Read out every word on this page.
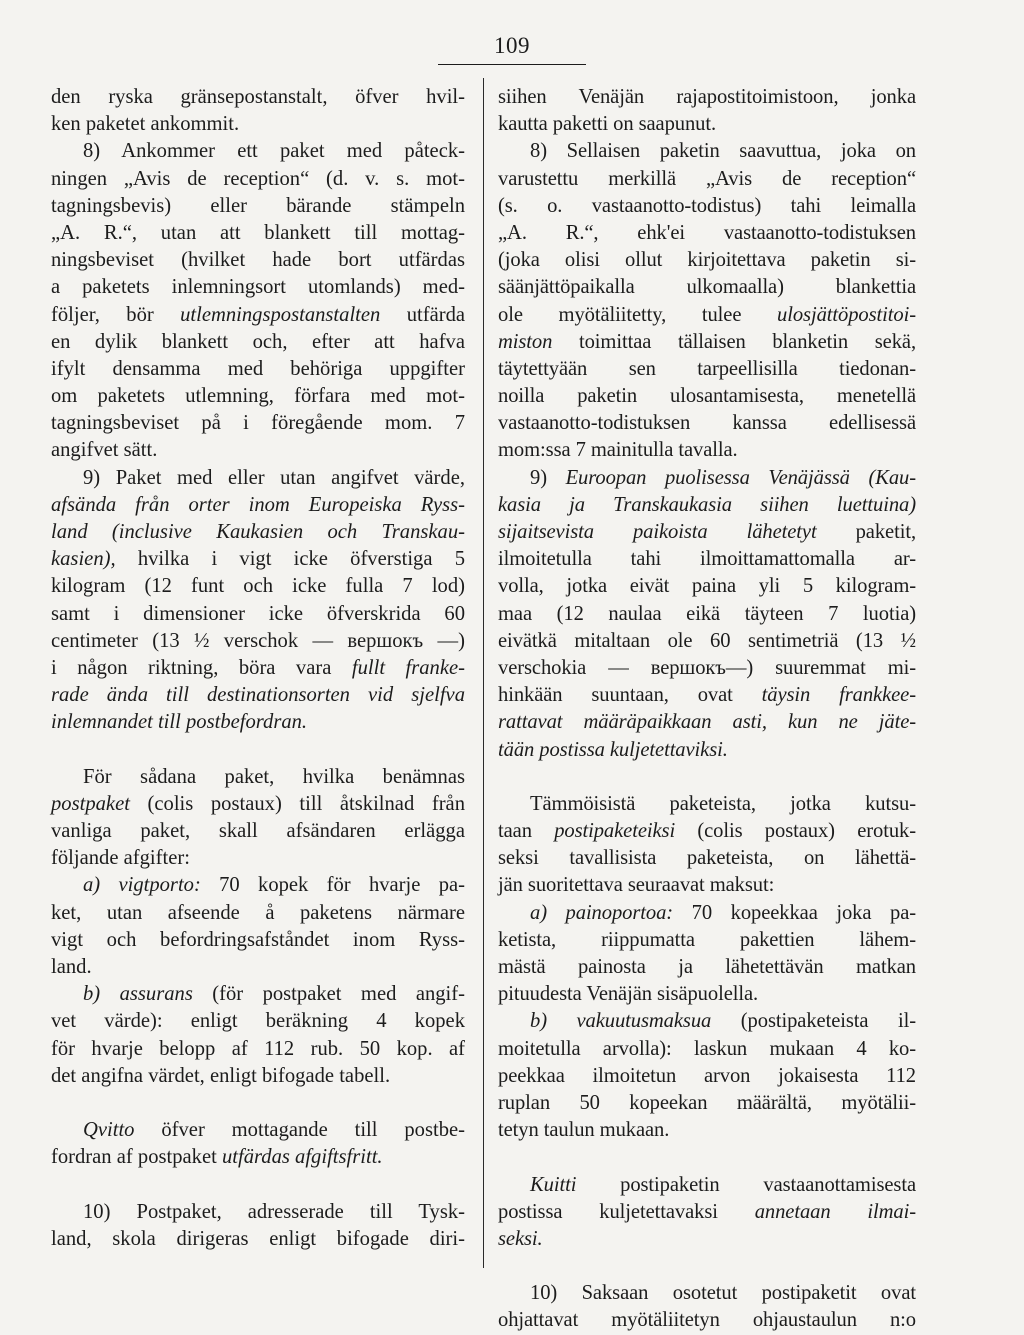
109
den ryska gränsepostanstalt, öfver hvil-
ken paketet ankommit.
8) Ankommer ett paket med påteck-
ningen „Avis de reception“ (d. v. s. mot-
tagningsbevis) eller bärande stämpeln
„A. R.“, utan att blankett till mottag-
ningsbeviset (hvilket hade bort utfärdas
a paketets inlemningsort utomlands) med-
följer, bör utlemningspostanstalten utfärda
en dylik blankett och, efter att hafva
ifylt densamma med behöriga uppgifter
om paketets utlemning, förfara med mot-
tagningsbeviset på i föregående mom. 7
angifvet sätt.
9) Paket med eller utan angifvet värde,
afsända från orter inom Europeiska Ryss-
land (inclusive Kaukasien och Transkau-
kasien), hvilka i vigt icke öfverstiga 5
kilogram (12 funt och icke fulla 7 lod)
samt i dimensioner icke öfverskrida 60
centimeter (13 ½ verschok — вершокъ —)
i någon riktning, böra vara fullt franke-
rade ända till destinationsorten vid sjelfva
inlemnandet till postbefordran.
För sådana paket, hvilka benämnas
postpaket (colis postaux) till åtskilnad från
vanliga paket, skall afsändaren erlägga
följande afgifter:
a) vigtporto: 70 kopek för hvarje pa-
ket, utan afseende å paketens närmare
vigt och befordringsafståndet inom Ryss-
land.
b) assurans (för postpaket med angif-
vet värde): enligt beräkning 4 kopek
för hvarje belopp af 112 rub. 50 kop. af
det angifna värdet, enligt bifogade tabell.
Qvitto öfver mottagande till postbe-
fordran af postpaket utfärdas afgiftsfritt.
10) Postpaket, adresserade till Tysk-
land, skola dirigeras enligt bifogade diri-
siihen Venäjän rajapostitoimistoon, jonka
kautta paketti on saapunut.
8) Sellaisen paketin saavuttua, joka on
varustettu merkillä „Avis de reception“
(s. o. vastaanotto-todistus) tahi leimalla
„A. R.“, ehk'ei vastaanotto-todistuksen
(joka olisi ollut kirjoitettava paketin si-
säänjättöpaikalla ulkomaalla) blankettia
ole myötäliitetty, tulee ulosjättöpostitoi-
miston toimittaa tällaisen blanketin sekä,
täytettyään sen tarpeellisilla tiedonan-
noilla paketin ulosantamisesta, menetellä
vastaanotto-todistuksen kanssa edellisessä
mom:ssa 7 mainitulla tavalla.
9) Euroopan puolisessa Venäjässä (Kau-
kasia ja Transkaukasia siihen luettuina)
sijaitsevista paikoista lähetetyt paketit,
ilmoitetulla tahi ilmoittamattomalla ar-
volla, jotka eivät paina yli 5 kilogram-
maa (12 naulaa eikä täyteen 7 luotia)
eivätkä mitaltaan ole 60 sentimetriä (13 ½
verschokia — вершокъ—) suuremmat mi-
hinkään suuntaan, ovat täysin frankkee-
rattavat määräpaikkaan asti, kun ne jäte-
tään postissa kuljetettaviksi.
Tämmöisistä paketeista, jotka kutsu-
taan postipaketeiksi (colis postaux) erotuk-
seksi tavallisista paketeista, on lähettä-
jän suoritettava seuraavat maksut:
a) painoportoa: 70 kopeekkaa joka pa-
ketista, riippumatta pakettien lähem-
mästä painosta ja lähetettävän matkan
pituudesta Venäjän sisäpuolella.
b) vakuutusmaksua (postipaketeista il-
moitetulla arvolla): laskun mukaan 4 ko-
peekkaa ilmoitetun arvon jokaisesta 112
ruplan 50 kopeekan määrältä, myötälii-
tetyn taulun mukaan.
Kuitti postipaketin vastaanottamisesta
postissa kuljetettavaksi annetaan ilmai-
seksi.
10) Saksaan osotetut postipaketit ovat
ohjattavat myötäliitetyn ohjaustaulun n:o
